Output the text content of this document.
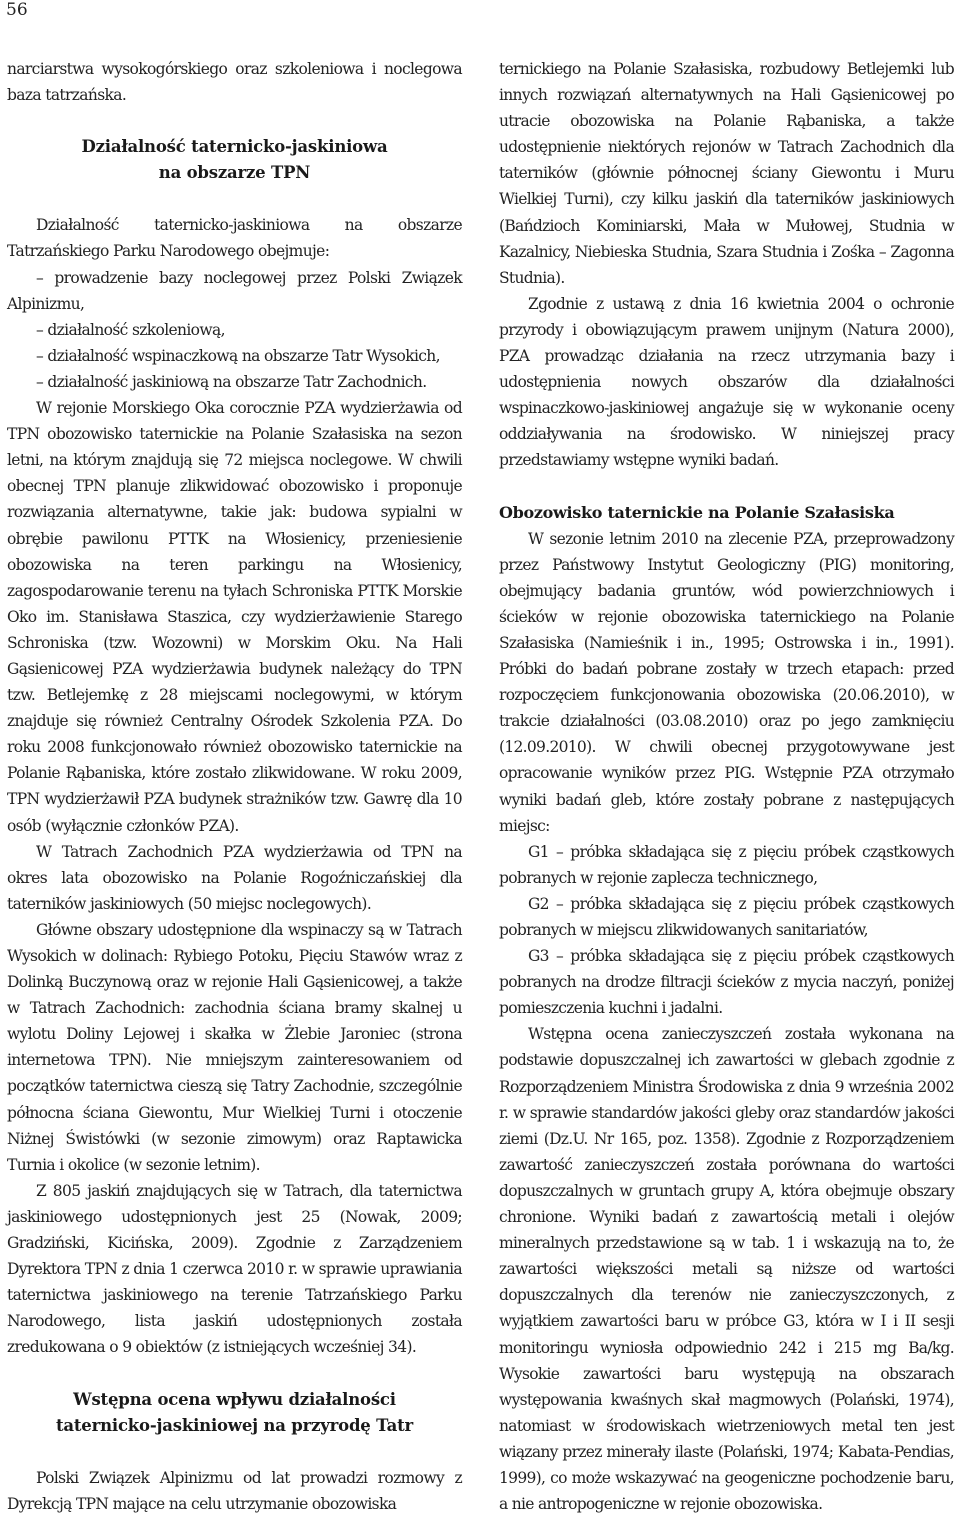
56

narciarstwa wysokogórskiego oraz szkoleniowa i noclegowa baza tatrzańska.

Działalność taternicko-jaskiniowa

na obszarze TPN

Działalność taternicko-jaskiniowa na obszarze Tatrzańskiego Parku Narodowego obejmuje:

– prowadzenie bazy noclegowej przez Polski Związek Alpinizmu,

– działalność szkoleniową,

– działalność wspinaczkową na obszarze Tatr Wysokich,

– działalność jaskiniową na obszarze Tatr Zachodnich.

W rejonie Morskiego Oka corocznie PZA wydzierżawia od TPN obozowisko taternickie na Polanie Szałasiska na sezon letni, na którym znajdują się 72 miejsca noclegowe. W chwili obecnej TPN planuje zlikwidować obozowisko i proponuje rozwiązania alternatywne, takie jak: budowa sypialni w obrębie pawilonu PTTK na Włosienicy, przeniesienie obozowiska na teren parkingu na Włosienicy, zagospodarowanie terenu na tyłach Schroniska PTTK Morskie Oko im. Stanisława Staszica, czy wydzierżawienie Starego Schroniska (tzw. Wozowni) w Morskim Oku. Na Hali Gąsienicowej PZA wydzierżawia budynek należący do TPN tzw. Betlejemkę z 28 miejscami noclegowymi, w którym znajduje się również Centralny Ośrodek Szkolenia PZA. Do roku 2008 funkcjonowało również obozowisko taternickie na Polanie Rąbaniska, które zostało zlikwidowane. W roku 2009, TPN wydzierżawił PZA budynek strażników tzw. Gawrę dla 10 osób (wyłącznie członków PZA).

W Tatrach Zachodnich PZA wydzierżawia od TPN na okres lata obozowisko na Polanie Rogoźniczańskiej dla taterników jaskiniowych (50 miejsc noclegowych).

Główne obszary udostępnione dla wspinaczy są w Tatrach Wysokich w dolinach: Rybiego Potoku, Pięciu Stawów wraz z Dolinką Buczynową oraz w rejonie Hali Gąsienicowej, a także w Tatrach Zachodnich: zachodnia ściana bramy skalnej u wylotu Doliny Lejowej i skałka w Żlebie Jaroniec (strona internetowa TPN). Nie mniejszym zainteresowaniem od początków taternictwa cieszą się Tatry Zachodnie, szczególnie północna ściana Giewontu, Mur Wielkiej Turni i otoczenie Niżnej Świstówki (w sezonie zimowym) oraz Raptawicka Turnia i okolice (w sezonie letnim).

Z 805 jaskiń znajdujących się w Tatrach, dla taternictwa jaskiniowego udostępnionych jest 25 (Nowak, 2009; Gradziński, Kicińska, 2009). Zgodnie z Zarządzeniem Dyrektora TPN z dnia 1 czerwca 2010 r. w sprawie uprawiania taternictwa jaskiniowego na terenie Tatrzańskiego Parku Narodowego, lista jaskiń udostępnionych została zredukowana o 9 obiektów (z istniejących wcześniej 34).

Wstępna ocena wpływu działalności

taternicko-jaskiniowej na przyrodę Tatr

Polski Związek Alpinizmu od lat prowadzi rozmowy z Dyrekcją TPN mające na celu utrzymanie obozowiska

ternickiego na Polanie Szałasiska, rozbudowy Betlejemki lub innych rozwiązań alternatywnych na Hali Gąsienicowej po utracie obozowiska na Polanie Rąbaniska, a także udostępnienie niektórych rejonów w Tatrach Zachodnich dla taterników (głównie północnej ściany Giewontu i Muru Wielkiej Turni), czy kilku jaskiń dla taterników jaskiniowych (Bańdzioch Kominiarski, Mała w Mułowej, Studnia w Kazalnicy, Niebieska Studnia, Szara Studnia i Zośka – Zagonna Studnia).

Zgodnie z ustawą z dnia 16 kwietnia 2004 o ochronie przyrody i obowiązującym prawem unijnym (Natura 2000), PZA prowadząc działania na rzecz utrzymania bazy i udostępnienia nowych obszarów dla działalności wspinaczkowo-jaskiniowej angażuje się w wykonanie oceny oddziaływania na środowisko. W niniejszej pracy przedstawiamy wstępne wyniki badań.

Obozowisko taternickie na Polanie Szałasiska

W sezonie letnim 2010 na zlecenie PZA, przeprowadzony przez Państwowy Instytut Geologiczny (PIG) monitoring, obejmujący badania gruntów, wód powierzchniowych i ścieków w rejonie obozowiska taternickiego na Polanie Szałasiska (Namieśnik i in., 1995; Ostrowska i in., 1991). Próbki do badań pobrane zostały w trzech etapach: przed rozpoczęciem funkcjonowania obozowiska (20.06.2010), w trakcie działalności (03.08.2010) oraz po jego zamknięciu (12.09.2010). W chwili obecnej przygotowywane jest opracowanie wyników przez PIG. Wstępnie PZA otrzymało wyniki badań gleb, które zostały pobrane z następujących miejsc:

G1 – próbka składająca się z pięciu próbek cząstkowych pobranych w rejonie zaplecza technicznego,

G2 – próbka składająca się z pięciu próbek cząstkowych pobranych w miejscu zlikwidowanych sanitariatów,

G3 – próbka składająca się z pięciu próbek cząstkowych pobranych na drodze filtracji ścieków z mycia naczyń, poniżej pomieszczenia kuchni i jadalni.

Wstępna ocena zanieczyszczeń została wykonana na podstawie dopuszczalnej ich zawartości w glebach zgodnie z Rozporządzeniem Ministra Środowiska z dnia 9 września 2002 r. w sprawie standardów jakości gleby oraz standardów jakości ziemi (Dz.U. Nr 165, poz. 1358). Zgodnie z Rozporządzeniem zawartość zanieczyszczeń została porównana do wartości dopuszczalnych w gruntach grupy A, która obejmuje obszary chronione. Wyniki badań z zawartością metali i olejów mineralnych przedstawione są w tab. 1 i wskazują na to, że zawartości większości metali są niższe od wartości dopuszczalnych dla terenów nie zanieczyszczonych, z wyjątkiem zawartości baru w próbce G3, która w I i II sesji monitoringu wyniosła odpowiednio 242 i 215 mg Ba/kg. Wysokie zawartości baru występują na obszarach występowania kwaśnych skał magmowych (Polański, 1974), natomiast w środowiskach wietrzeniowych metal ten jest wiązany przez minerały ilaste (Polański, 1974; Kabata-Pendias, 1999), co może wskazywać na geogeniczne pochodzenie baru, a nie antropogeniczne w rejonie obozowiska.
